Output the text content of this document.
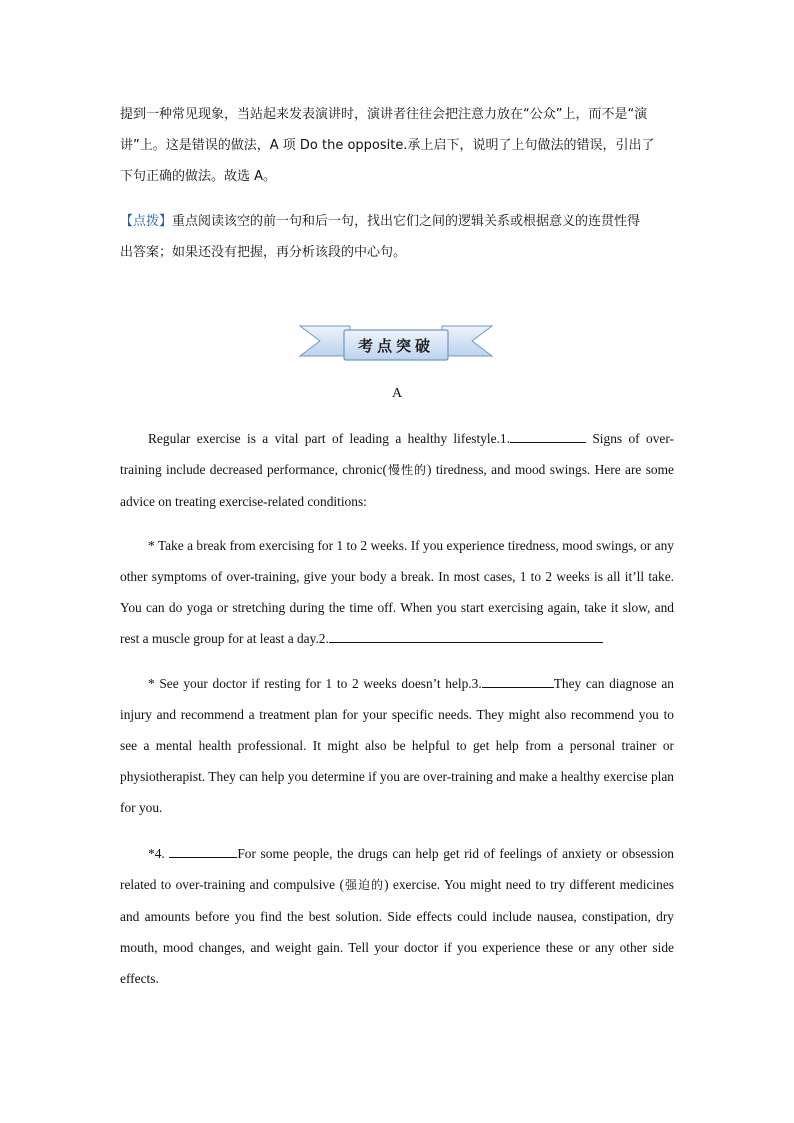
提到一种常见现象，当站起来发表演讲时，演讲者往往会把注意力放在“公众”上，而不是“演

讲”上。这是错误的做法，A 项 Do the opposite.承上启下，说明了上句做法的错误，引出了

下句正确的做法。故选 A。

【点拨】重点阅读该空的前一句和后一句，找出它们之间的逻辑关系或根据意义的连贯性得

出答案；如果还没有把握，再分析该段的中心句。

考点突破
A

Regular exercise is a vital part of leading a healthy lifestyle.1.	Signs of over-training include decreased performance, chronic(慢性的) tiredness, and mood swings. Here are some advice on treating exercise-related conditions:

* Take a break from exercising for 1 to 2 weeks. If you experience tiredness, mood swings, or any other symptoms of over-training, give your body a break. In most cases, 1 to 2 weeks is all it’ll take. You can do yoga or stretching during the time off. When you start exercising again, take it slow, and rest a muscle group for at least a day.2.

* See your doctor if resting for 1 to 2 weeks doesn’t help.3.	They can diagnose an injury and recommend a treatment plan for your specific needs. They might also recommend you to see a mental health professional. It might also be helpful to get help from a personal trainer or physiotherapist. They can help you determine if you are over-training and make a healthy exercise plan for you.

*4.	For some people, the drugs can help get rid of feelings of anxiety or obsession related to over-training and compulsive (强迫的) exercise. You might need to try different medicines and amounts before you find the best solution. Side effects could include nausea, constipation, dry mouth, mood changes, and weight gain. Tell your doctor if you experience these or any other side effects.
